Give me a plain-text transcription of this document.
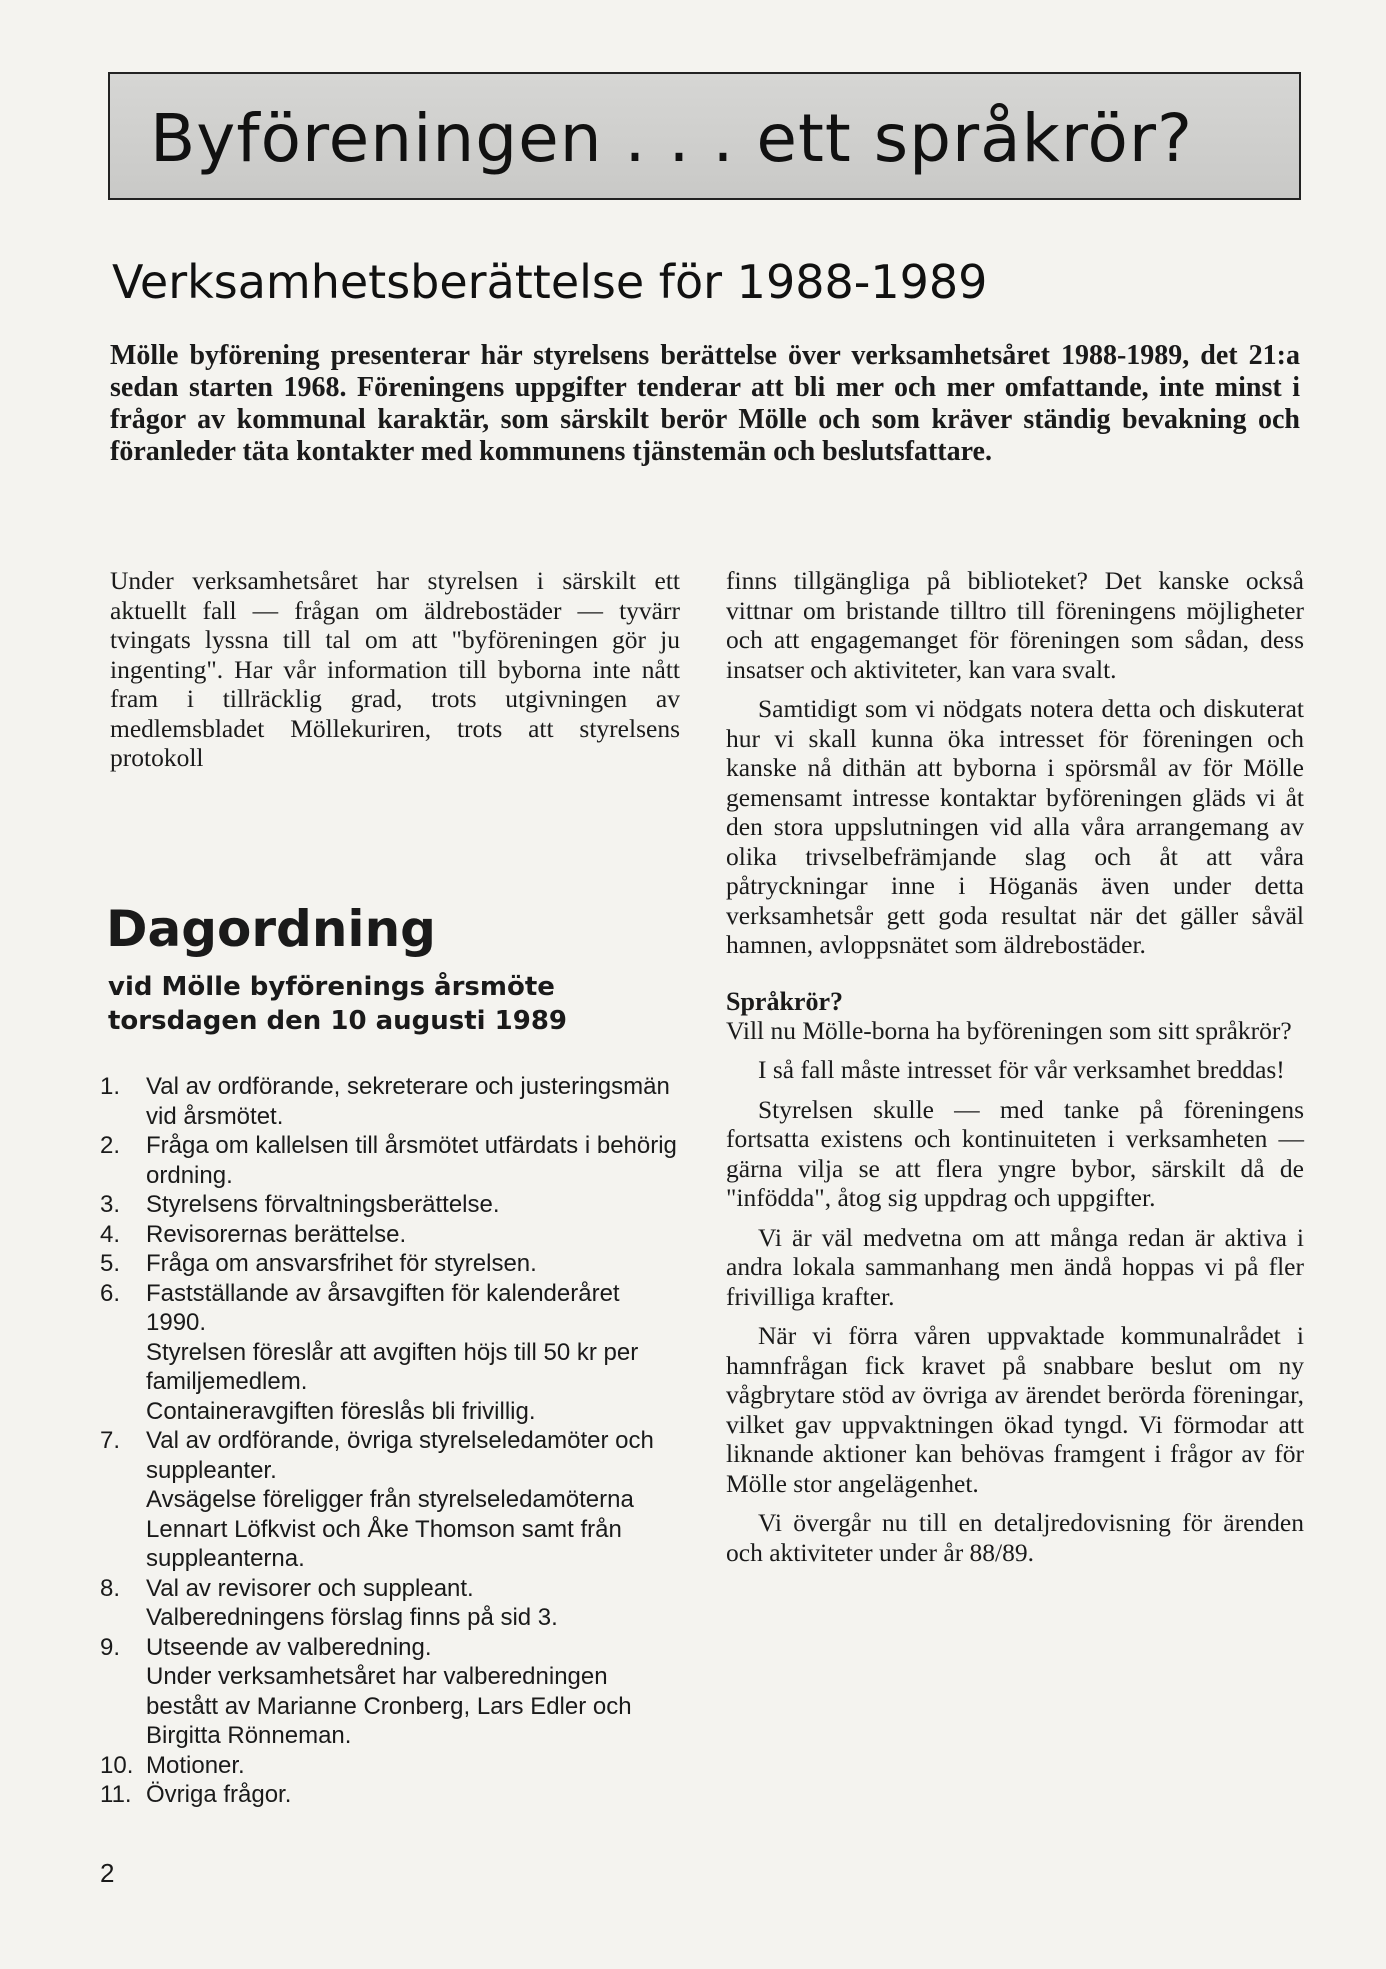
Byföreningen . . . ett språkrör?
Verksamhetsberättelse för 1988-1989

Mölle byförening presenterar här styrelsens berättelse över verksamhetsåret 1988-1989, det 21:a sedan starten 1968. Föreningens uppgifter tenderar att bli mer och mer omfattande, inte minst i frågor av kommunal karaktär, som särskilt berör Mölle och som kräver ständig bevakning och föranleder täta kontakter med kommunens tjänstemän och beslutsfattare.

Under verksamhetsåret har styrelsen i särskilt ett aktuellt fall — frågan om äldrebostäder — tyvärr tvingats lyssna till tal om att "byföreningen gör ju ingenting". Har vår information till byborna inte nått fram i tillräcklig grad, trots utgivningen av medlemsbladet Möllekuriren, trots att styrelsens protokoll

Dagordning
vid Mölle byförenings årsmöte
torsdagen den 10 augusti 1989
1.	Val av ordförande, sekreterare och justeringsmän vid årsmötet.
2.	Fråga om kallelsen till årsmötet utfärdats i behörig ordning.
3.	Styrelsens förvaltningsberättelse.
4.	Revisorernas berättelse.
5.	Fråga om ansvarsfrihet för styrelsen.
6.	Fastställande av årsavgiften för kalenderåret 1990.
Styrelsen föreslår att avgiften höjs till 50 kr per familjemedlem.
Containeravgiften föreslås bli frivillig.
7.	Val av ordförande, övriga styrelseledamöter och suppleanter.
Avsägelse föreligger från styrelseledamöterna Lennart Löfkvist och Åke Thomson samt från suppleanterna.
8.	Val av revisorer och suppleant.
Valberedningens förslag finns på sid 3.
9.	Utseende av valberedning.
Under verksamhetsåret har valberedningen bestått av Marianne Cronberg, Lars Edler och Birgitta Rönneman.
10. Motioner.
11. Övriga frågor.

finns tillgängliga på biblioteket? Det kanske också vittnar om bristande tilltro till föreningens möjligheter och att engagemanget för föreningen som sådan, dess insatser och aktiviteter, kan vara svalt.

Samtidigt som vi nödgats notera detta och diskuterat hur vi skall kunna öka intresset för föreningen och kanske nå dithän att byborna i spörsmål av för Mölle gemensamt intresse kontaktar byföreningen gläds vi åt den stora uppslutningen vid alla våra arrangemang av olika trivselbefrämjande slag och åt att våra påtryckningar inne i Höganäs även under detta verksamhetsår gett goda resultat när det gäller såväl hamnen, avloppsnätet som äldrebostäder.

Språkrör?

Vill nu Mölle-borna ha byföreningen som sitt språkrör?

I så fall måste intresset för vår verksamhet breddas!

Styrelsen skulle — med tanke på föreningens fortsatta existens och kontinuiteten i verksamheten — gärna vilja se att flera yngre bybor, särskilt då de "infödda", åtog sig uppdrag och uppgifter.

Vi är väl medvetna om att många redan är aktiva i andra lokala sammanhang men ändå hoppas vi på fler frivilliga krafter.

När vi förra våren uppvaktade kommunalrådet i hamnfrågan fick kravet på snabbare beslut om ny vågbrytare stöd av övriga av ärendet berörda föreningar, vilket gav uppvaktningen ökad tyngd. Vi förmodar att liknande aktioner kan behövas framgent i frågor av för Mölle stor angelägenhet.

Vi övergår nu till en detaljredovisning för ärenden och aktiviteter under år 88/89.

2
